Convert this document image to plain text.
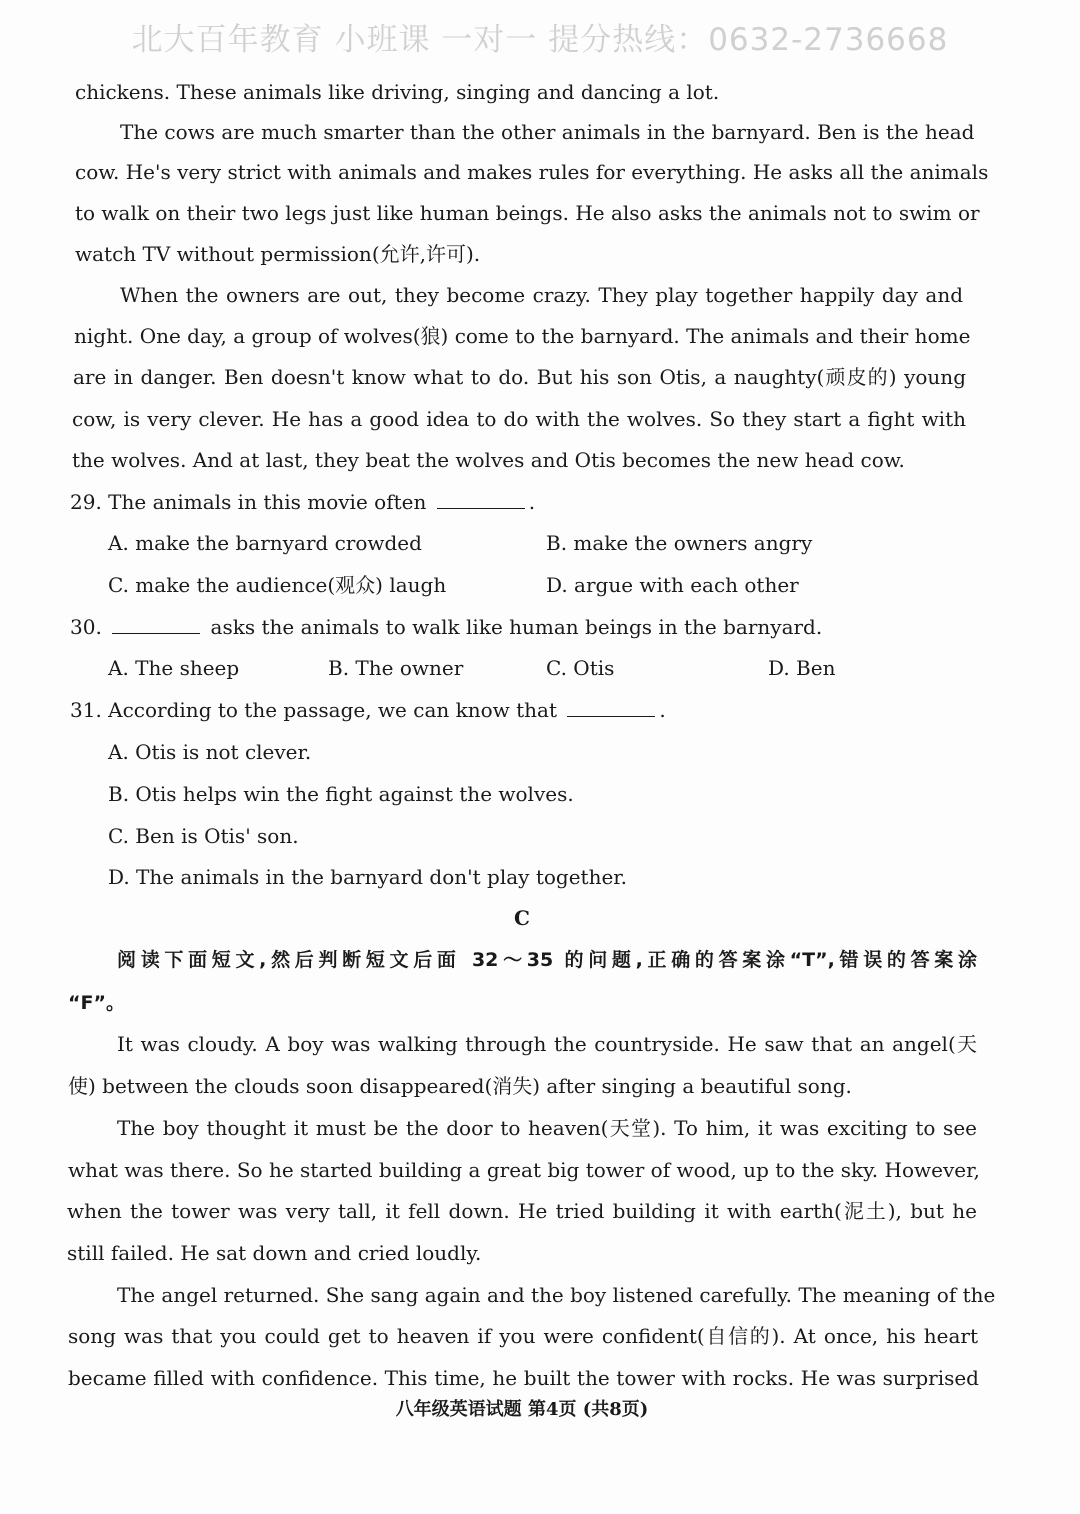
北大百年教育 小班课 一对一 提分热线：0632-2736668
chickens. These animals like driving, singing and dancing a lot.
The cows are much smarter than the other animals in the barnyard. Ben is the head
cow. He's very strict with animals and makes rules for everything. He asks all the animals
to walk on their two legs just like human beings. He also asks the animals not to swim or
watch TV without permission(允许,许可).
When the owners are out, they become crazy. They play together happily day and
night. One day, a group of wolves(狼) come to the barnyard. The animals and their home
are in danger. Ben doesn't know what to do. But his son Otis, a naughty(顽皮的) young
cow, is very clever. He has a good idea to do with the wolves. So they start a fight with
the wolves. And at last, they beat the wolves and Otis becomes the new head cow.
29. The animals in this movie often	.
A. make the barnyard crowded	B. make the owners angry
C. make the audience(观众) laugh	D. argue with each other
30.	asks the animals to walk like human beings in the barnyard.
A. The sheep	B. The owner	C. Otis	D. Ben
31. According to the passage, we can know that	.
A. Otis is not clever.
B. Otis helps win the fight against the wolves.
C. Ben is Otis' son.
D. The animals in the barnyard don't play together.
C
阅读下面短文,然后判断短文后面 32～35 的问题,正确的答案涂“T”,错误的答案涂
“F”。
It was cloudy. A boy was walking through the countryside. He saw that an angel(天
使) between the clouds soon disappeared(消失) after singing a beautiful song.
The boy thought it must be the door to heaven(天堂). To him, it was exciting to see
what was there. So he started building a great big tower of wood, up to the sky. However,
when the tower was very tall, it fell down. He tried building it with earth(泥土), but he
still failed. He sat down and cried loudly.
The angel returned. She sang again and the boy listened carefully. The meaning of the
song was that you could get to heaven if you were confident(自信的). At once, his heart
became filled with confidence. This time, he built the tower with rocks. He was surprised
八年级英语试题 第4页 (共8页)
